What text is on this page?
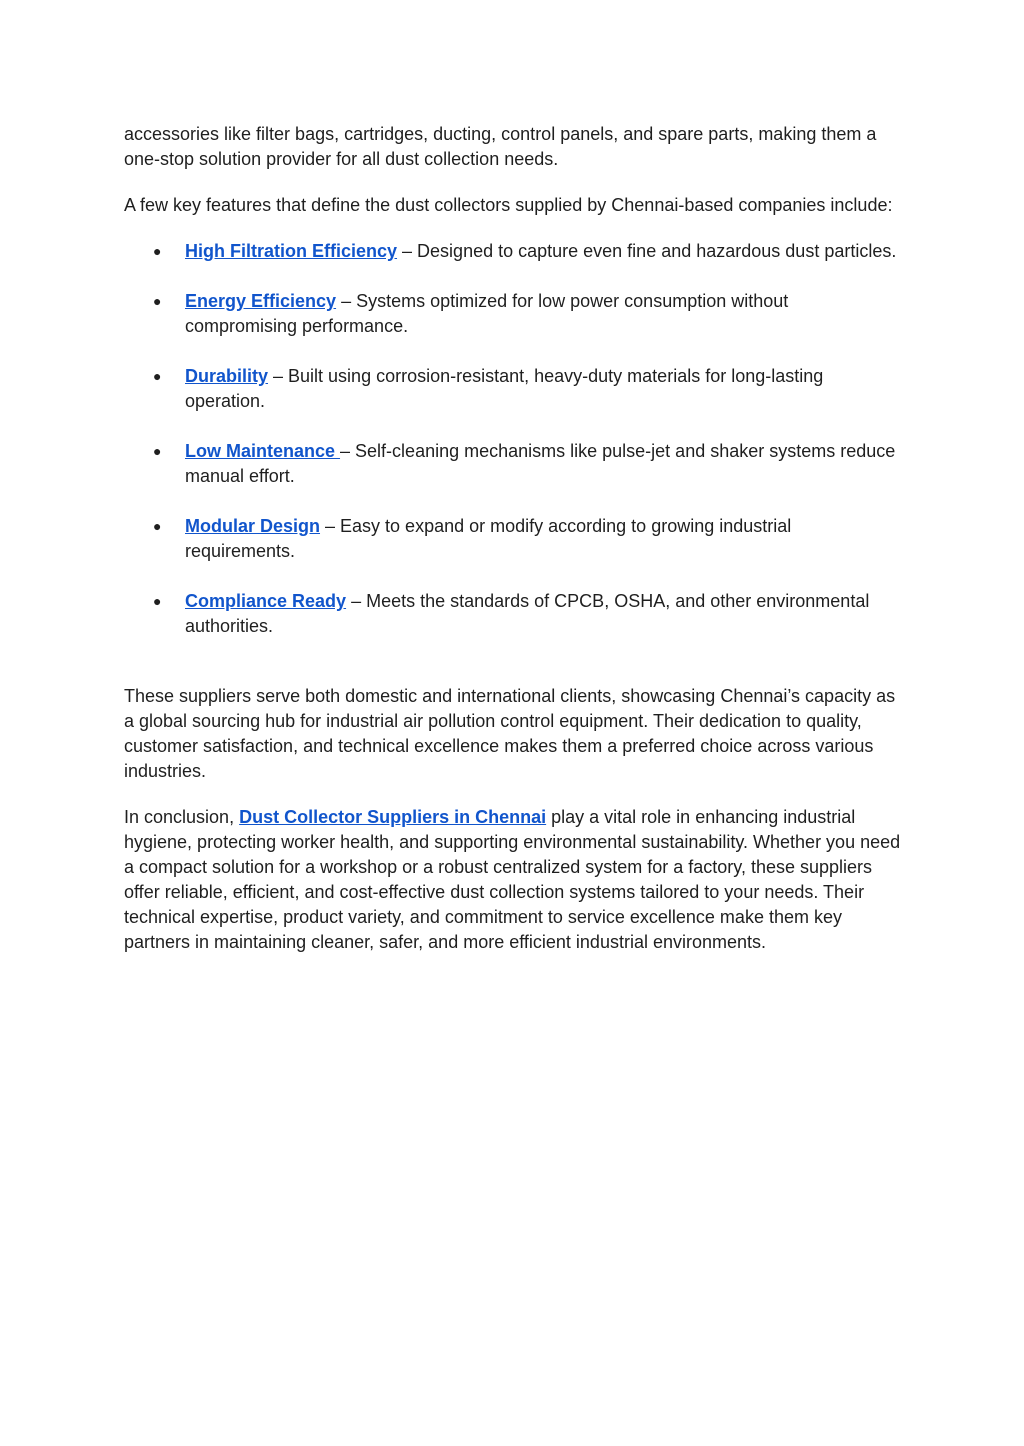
accessories like filter bags, cartridges, ducting, control panels, and spare parts, making them a one-stop solution provider for all dust collection needs.

A few key features that define the dust collectors supplied by Chennai-based companies include:

● High Filtration Efficiency – Designed to capture even fine and hazardous dust particles.
● Energy Efficiency – Systems optimized for low power consumption without compromising performance.
● Durability – Built using corrosion-resistant, heavy-duty materials for long-lasting operation.
● Low Maintenance – Self-cleaning mechanisms like pulse-jet and shaker systems reduce manual effort.
● Modular Design – Easy to expand or modify according to growing industrial requirements.
● Compliance Ready – Meets the standards of CPCB, OSHA, and other environmental authorities.

These suppliers serve both domestic and international clients, showcasing Chennai’s capacity as a global sourcing hub for industrial air pollution control equipment. Their dedication to quality, customer satisfaction, and technical excellence makes them a preferred choice across various industries.

In conclusion, Dust Collector Suppliers in Chennai play a vital role in enhancing industrial hygiene, protecting worker health, and supporting environmental sustainability. Whether you need a compact solution for a workshop or a robust centralized system for a factory, these suppliers offer reliable, efficient, and cost-effective dust collection systems tailored to your needs. Their technical expertise, product variety, and commitment to service excellence make them key partners in maintaining cleaner, safer, and more efficient industrial environments.
